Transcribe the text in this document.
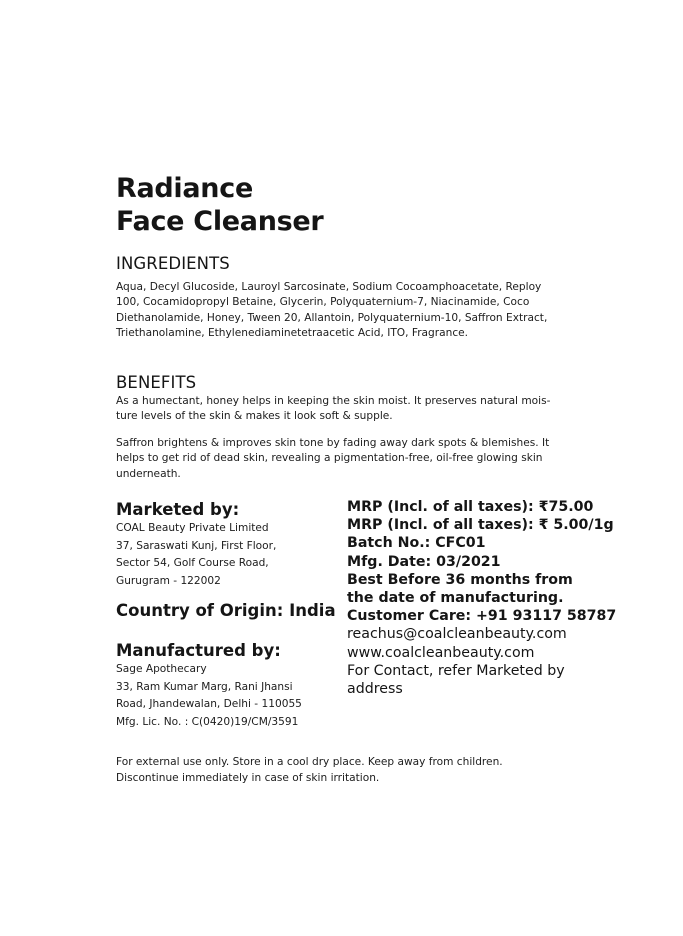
Radiance
Face Cleanser
INGREDIENTS
Aqua, Decyl Glucoside, Lauroyl Sarcosinate, Sodium Cocoamphoacetate, Reploy
100, Cocamidopropyl Betaine, Glycerin, Polyquaternium-7, Niacinamide, Coco
Diethanolamide, Honey, Tween 20, Allantoin, Polyquaternium-10, Saffron Extract,
Triethanolamine, Ethylenediaminetetraacetic Acid, ITO, Fragrance.
BENEFITS
As a humectant, honey helps in keeping the skin moist. It preserves natural mois-
ture levels of the skin & makes it look soft & supple.
Saffron brightens & improves skin tone by fading away dark spots & blemishes. It
helps to get rid of dead skin, revealing a pigmentation-free, oil-free glowing skin
underneath.
Marketed by:
COAL Beauty Private Limited
37, Saraswati Kunj, First Floor,
Sector 54, Golf Course Road,
Gurugram - 122002
Country of Origin: India
Manufactured by:
Sage Apothecary
33, Ram Kumar Marg, Rani Jhansi
Road, Jhandewalan, Delhi - 110055
Mfg. Lic. No. : C(0420)19/CM/3591
MRP (Incl. of all taxes): ₹75.00
MRP (Incl. of all taxes): ₹ 5.00/1g
Batch No.: CFC01
Mfg. Date: 03/2021
Best Before 36 months from
the date of manufacturing.
Customer Care: +91 93117 58787
reachus@coalcleanbeauty.com
www.coalcleanbeauty.com
For Contact, refer Marketed by
address
For external use only. Store in a cool dry place. Keep away from children.
Discontinue immediately in case of skin irritation.
